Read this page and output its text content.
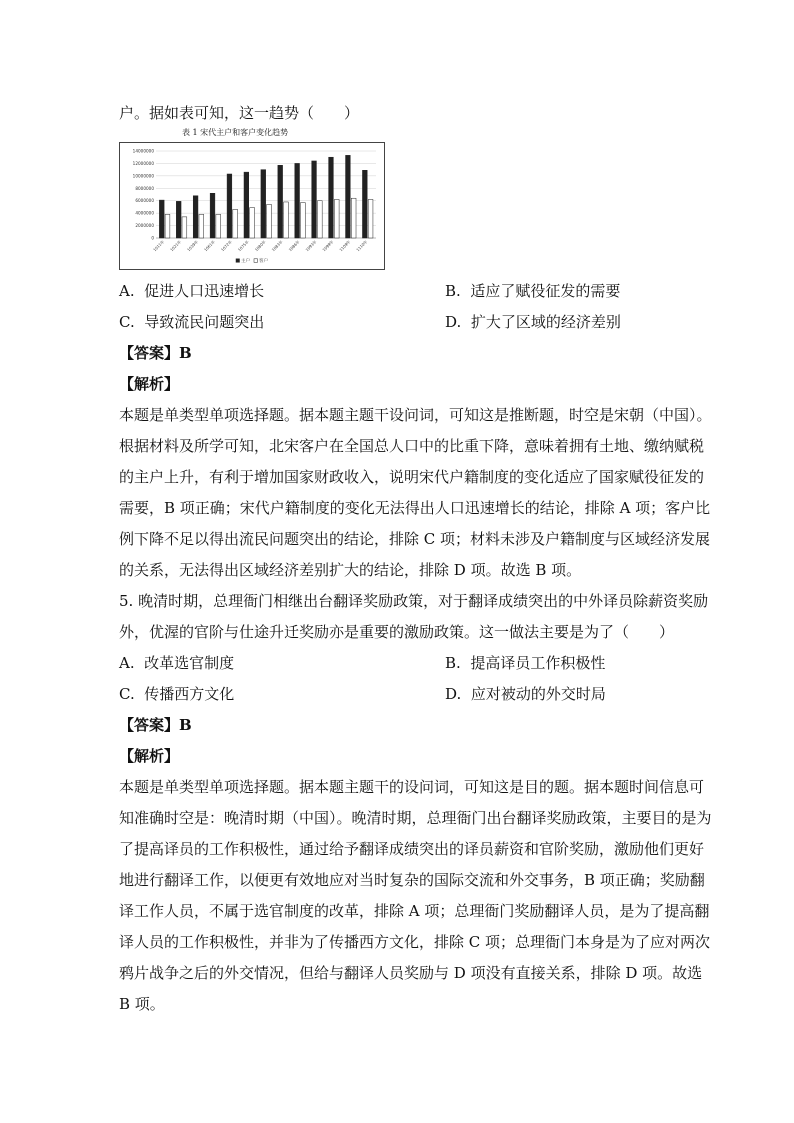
户。据如表可知，这一趋势（　　）
表 1 宋代主户和客户变化趋势
0
2000000
4000000
6000000
8000000
10000000
12000000
14000000
1011年 1021年 1039年 1061年 1072年 1075年 1080年 1083年 1086年 1093年 1099年 1109年 1110年
主户 客户
A. 促进人口迅速增长	B. 适应了赋役征发的需要
C. 导致流民问题突出	D. 扩大了区域的经济差别
【答案】B
【解析】
本题是单类型单项选择题。据本题主题干设问词，可知这是推断题，时空是宋朝（中国）。
根据材料及所学可知，北宋客户在全国总人口中的比重下降，意味着拥有土地、缴纳赋税
的主户上升，有利于增加国家财政收入，说明宋代户籍制度的变化适应了国家赋役征发的
需要，B 项正确；宋代户籍制度的变化无法得出人口迅速增长的结论，排除 A 项；客户比
例下降不足以得出流民问题突出的结论，排除 C 项；材料未涉及户籍制度与区域经济发展
的关系，无法得出区域经济差别扩大的结论，排除 D 项。故选 B 项。
5. 晚清时期，总理衙门相继出台翻译奖励政策，对于翻译成绩突出的中外译员除薪资奖励
外，优渥的官阶与仕途升迁奖励亦是重要的激励政策。这一做法主要是为了（　　）
A. 改革选官制度	B. 提高译员工作积极性
C. 传播西方文化	D. 应对被动的外交时局
【答案】B
【解析】
本题是单类型单项选择题。据本题主题干的设问词，可知这是目的题。据本题时间信息可
知准确时空是：晚清时期（中国）。晚清时期，总理衙门出台翻译奖励政策，主要目的是为
了提高译员的工作积极性，通过给予翻译成绩突出的译员薪资和官阶奖励，激励他们更好
地进行翻译工作，以便更有效地应对当时复杂的国际交流和外交事务，B 项正确；奖励翻
译工作人员，不属于选官制度的改革，排除 A 项；总理衙门奖励翻译人员，是为了提高翻
译人员的工作积极性，并非为了传播西方文化，排除 C 项；总理衙门本身是为了应对两次
鸦片战争之后的外交情况，但给与翻译人员奖励与 D 项没有直接关系，排除 D 项。故选
B 项。
